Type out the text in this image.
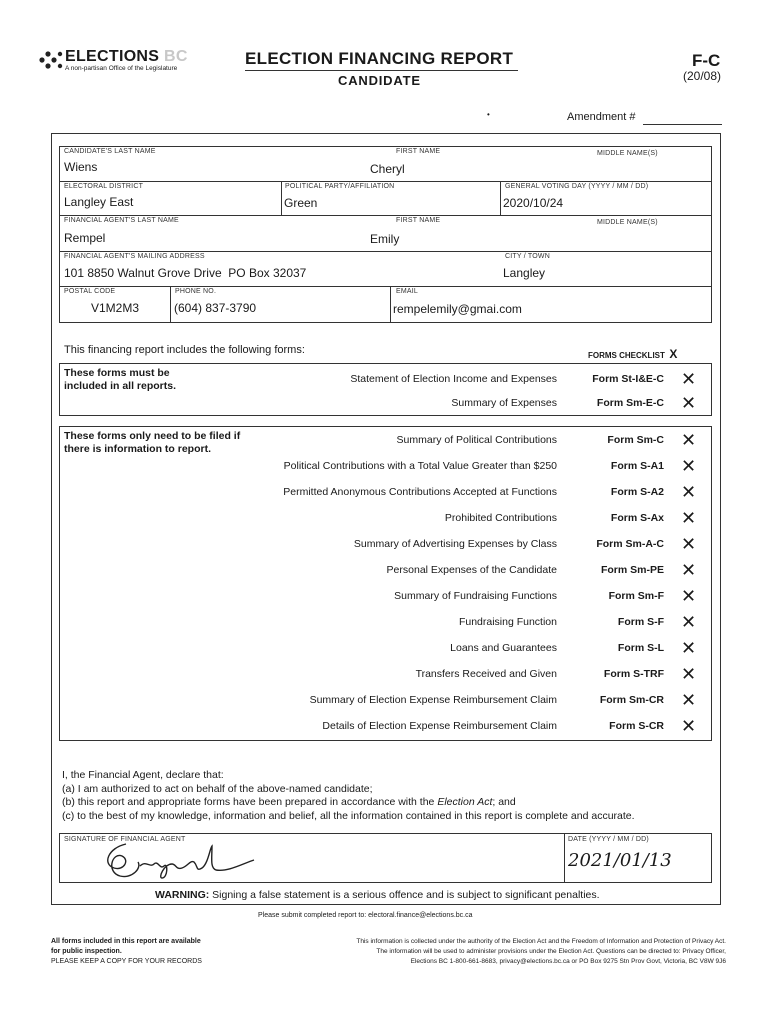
ELECTIONS BC
A non-partisan Office of the Legislature
ELECTION FINANCING REPORT
CANDIDATE
F-C
(20/08)
Amendment #
•
CANDIDATE'S LAST NAME
Wiens
FIRST NAME
Cheryl
MIDDLE NAME(S)
ELECTORAL DISTRICT
Langley East
POLITICAL PARTY/AFFILIATION
Green
GENERAL VOTING DAY (YYYY / MM / DD)
2020/10/24
FINANCIAL AGENT'S LAST NAME
Rempel
FIRST NAME
Emily
MIDDLE NAME(S)
FINANCIAL AGENT'S MAILING ADDRESS
101 8850 Walnut Grove Drive  PO Box 32037
CITY / TOWN
Langley
POSTAL CODE
V1M2M3
PHONE NO.
(604) 837-3790
EMAIL
rempelemily@gmai.com
This financing report includes the following forms:	FORMS CHECKLIST X
These forms must be included in all reports.
Statement of Election Income and Expenses	Form St-I&E-C ✕
Summary of Expenses	Form Sm-E-C ✕
These forms only need to be filed if there is information to report.
Summary of Political Contributions	Form Sm-C ✕
Political Contributions with a Total Value Greater than $250	Form S-A1 ✕
Permitted Anonymous Contributions Accepted at Functions	Form S-A2 ✕
Prohibited Contributions	Form S-Ax ✕
Summary of Advertising Expenses by Class	Form Sm-A-C ✕
Personal Expenses of the Candidate	Form Sm-PE ✕
Summary of Fundraising Functions	Form Sm-F ✕
Fundraising Function	Form S-F ✕
Loans and Guarantees	Form S-L ✕
Transfers Received and Given	Form S-TRF ✕
Summary of Election Expense Reimbursement Claim	Form Sm-CR ✕
Details of Election Expense Reimbursement Claim	Form S-CR ✕
I, the Financial Agent, declare that:
(a) I am authorized to act on behalf of the above-named candidate;
(b) this report and appropriate forms have been prepared in accordance with the Election Act; and
(c) to the best of my knowledge, information and belief, all the information contained in this report is complete and accurate.
SIGNATURE OF FINANCIAL AGENT	DATE (YYYY / MM / DD)
2021/01/13
WARNING: Signing a false statement is a serious offence and is subject to significant penalties.
Please submit completed report to: electoral.finance@elections.bc.ca
All forms included in this report are available
for public inspection.
PLEASE KEEP A COPY FOR YOUR RECORDS
This information is collected under the authority of the Election Act and the Freedom of Information and Protection of Privacy Act.
The information will be used to administer provisions under the Election Act. Questions can be directed to: Privacy Officer,
Elections BC 1-800-661-8683, privacy@elections.bc.ca or PO Box 9275 Stn Prov Govt, Victoria, BC V8W 9J6
